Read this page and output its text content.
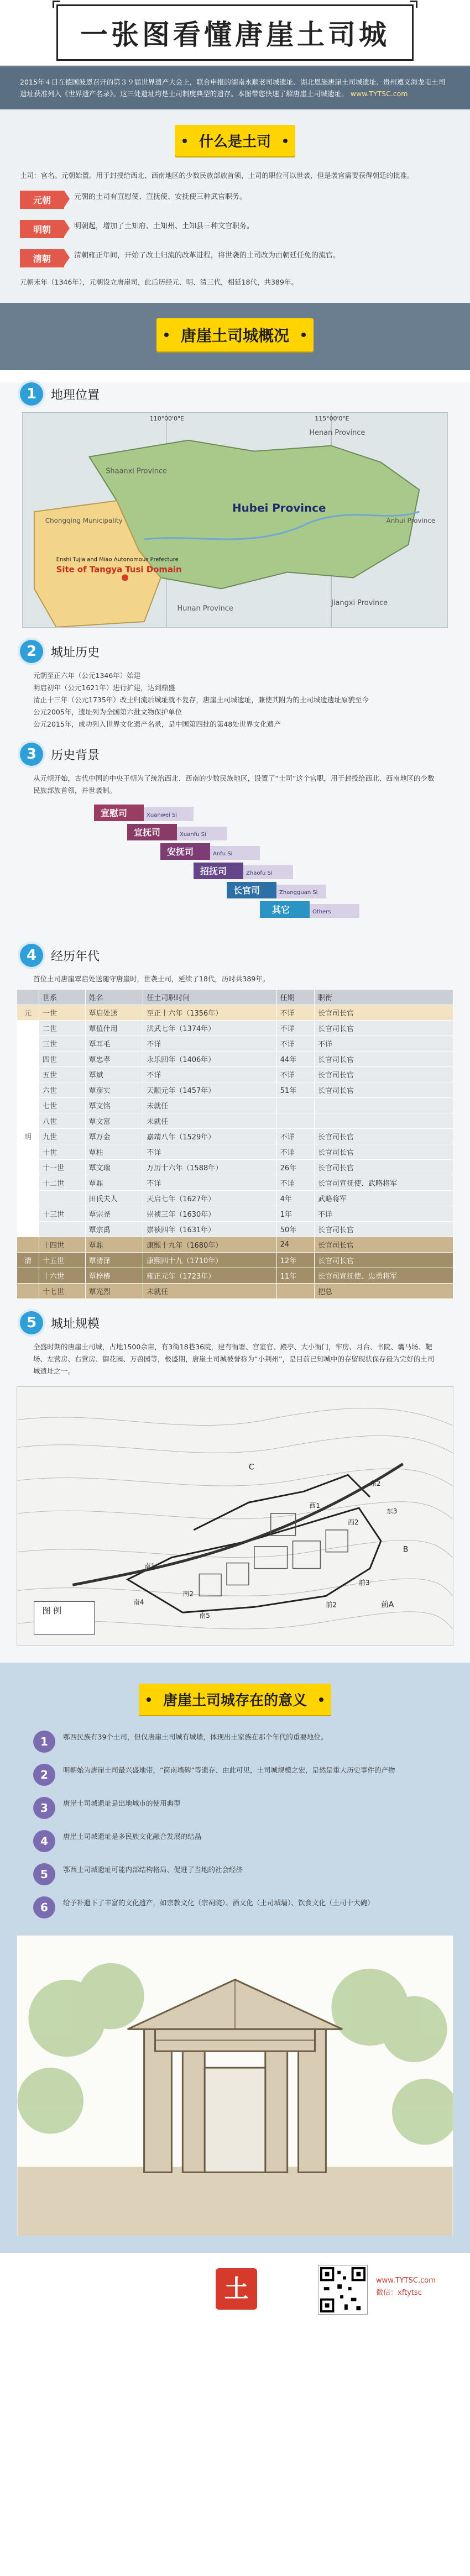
一张图看懂唐崖土司城
2015年４日在德国波恩召开的第３９届世界遗产大会上，联合申报的湖南永顺老司城遗址、湖北恩施唐崖土司城遗址、贵州遵义海龙屯土司遗址获准列入《世界遗产名录》。这三处遗址均是土司制度典型的遗存。本图带您快速了解唐崖土司城遗址。 www.TYTSC.com
什么是土司
土司：官名。元朝始置。用于封授给西北、西南地区的少数民族部族首领，土司的职位可以世袭，但是袭官需要获得朝廷的批准。
元朝	元朝的土司有宣慰使、宣抚使、安抚使三种武官职务。
明朝	明朝起，增加了土知府、土知州、土知县三种文官职务。
清朝	清朝雍正年间，开始了改土归流的改革进程，将世袭的土司改为由朝廷任免的流官。
元朝末年（1346年），元朝设立唐崖司，此后历经元、明、清三代，相延18代，共389年。
唐崖土司城概况
1	地理位置
Shaanxi Province
Henan Province
Chongqing Municipality
Hubei Province
Anhui Province
Hunan Province
Jiangxi Province
Enshi Tujia and Miao Autonomous Prefecture
Site of Tangya Tusi Domain
110°00'0"E	115°00'0"E
2	城址历史
元朝至正六年（公元1346年）始建
明启初年（公元1621年）进行扩建，达到鼎盛
清正十三年（公元1735年）改土归流后城址就不复存，唐崖土司城遗址，兼使其附为的土司城遗遗址原貌至今
公元2005年，遗址列为全国第六批文物保护单位
公元2015年，成功列入世界文化遗产名录，是中国第四批的第48处世界文化遗产
3	历史背景
从元朝开始，古代中国的中央王朝为了统治西北、西南的少数民族地区，设置了“土司”这个官职，用于封授给西北、西南地区的少数民族部族首领，并世袭制。
宣慰司	Xuanwei Si
宣抚司	Xuanfu Si
安抚司	Anfu Si
招抚司	Zhaofu Si
长官司	Zhangguan Si
其它	Others
4	经历年代
首位土司唐崖覃启处送随守唐崖时，世袭土司，延续了18代，历时共389年。
	世系	姓名	任土司职时间	任期	职衔
元	一世	覃启处送	至正十六年（1356年）	不详	长官司长官
	二世	覃值什用	洪武七年（1374年）	不详	长官司长官
	三世	覃耳毛	不详	不详	不详
	四世	覃忠孝	永乐四年（1406年）	44年	长官司长官
	五世	覃斌	不详	不详	长官司长官
	六世	覃彦实	天顺元年（1457年）	51年	长官司长官
	七世	覃文铭	未就任		
	八世	覃文富	未就任		
明	九世	覃万金	嘉靖八年（1529年）	不详	长官司长官
	十世	覃柱	不详	不详	长官司长官
	十一世	覃文瑞	万历十六年（1588年）	26年	长官司长官
	十二世	覃鼎	不详	不详	长官司宣抚使、武略将军
		田氏夫人	天启七年（1627年）	4年	武略将军
	十三世	覃宗尧	崇祯三年（1630年）	1年	不详
		覃宗禹	崇祯四年（1631年）	50年	长官司长官
	十四世	覃鼎	康熙十九年（1680年）	24	长官司长官
清	十五世	覃清泽	康熙四十九（1710年）	12年	长官司长官
	十六世	覃梓椿	雍正元年（1723年）	11年	长官司宣抚使、忠勇将军
	十七世	覃光烈	未就任		把总
5	城址规模
全盛时期的唐崖土司城，占地1500余亩，有3街18巷36院，建有衙署、宫室官、殿亭、大小衙门，牢房、月台、书院、囊马场、靶场、左营房、右营房、御花园、万兽园等，极盛期，唐崖土司城被誉称为“小荆州”，是目前已知城中的存留现状保存最为完好的土司城遗址之一。
图 例
南1
南2
南4
南5
西1
西2
东2
东3
前2
前3
前A
B
C
唐崖土司城存在的意义
1	鄂西民族有39个土司，但仅唐崖土司城有城墙，体现出土家族在那个年代的重要地位。
2	明朝始为唐崖土司最兴盛地带，“简南墙碑”等遗存、由此可见，土司城规模之宏，是然是重大历史事件的产物
3	唐崖土司城遗址是出地城市的使用典型
4	唐崖土司城遗址是多民族文化融合发展的结晶
5	鄂西土司城遗址可能内部结构格局、促进了当地的社会经济
6	给予补遗下了丰富的文化遗产，如宗教文化（宗祠院）、酒文化（土司城墙）、饮食文化（土司十大碗）
土	www.TYTSC.com
微信：xftytsc
